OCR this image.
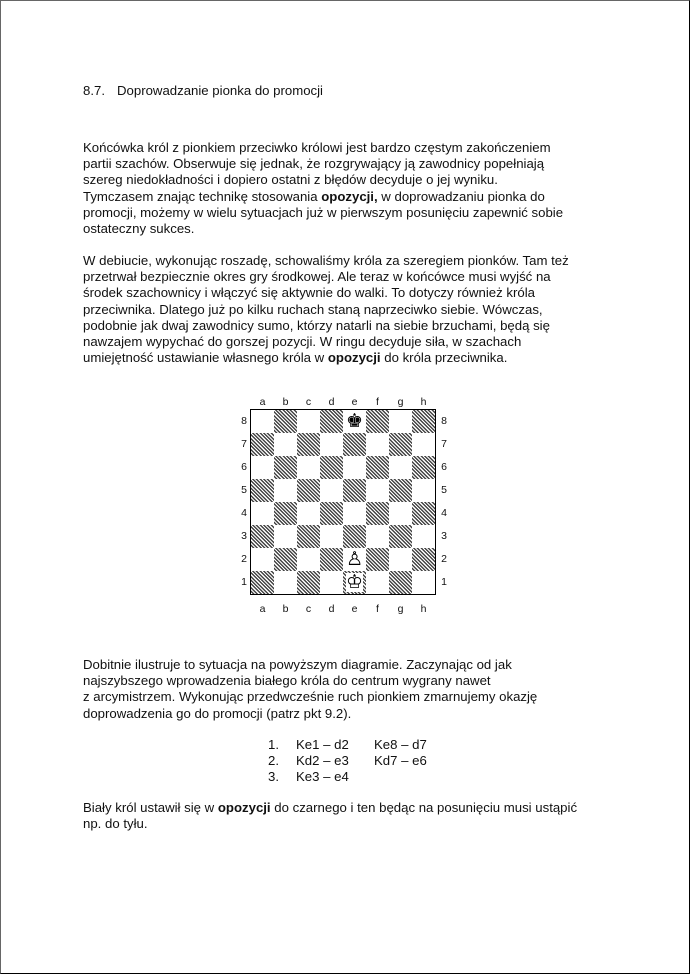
8.7. Doprowadzanie pionka do promocji
Końcówka król z pionkiem przeciwko królowi jest bardzo częstym zakończeniem
partii szachów. Obserwuje się jednak, że rozgrywający ją zawodnicy popełniają
szereg niedokładności i dopiero ostatni z błędów decyduje o jej wyniku.
Tymczasem znając technikę stosowania opozycji, w doprowadzaniu pionka do
promocji, możemy w wielu sytuacjach już w pierwszym posunięciu zapewnić sobie
ostateczny sukces.
W debiucie, wykonując roszadę, schowaliśmy króla za szeregiem pionków. Tam też
przetrwał bezpiecznie okres gry środkowej. Ale teraz w końcówce musi wyjść na
środek szachownicy i włączyć się aktywnie do walki. To dotyczy również króla
przeciwnika. Dlatego już po kilku ruchach staną naprzeciwko siebie. Wówczas,
podobnie jak dwaj zawodnicy sumo, którzy natarli na siebie brzuchami, będą się
nawzajem wypychać do gorszej pozycji. W ringu decyduje siła, w szachach
umiejętność ustawianie własnego króla w opozycji do króla przeciwnika.
a	b	c	d	e	f	g	h
8
7
6
5
4
3
2
1
♚
♙
♔
8
7
6
5
4
3
2
1
a	b	c	d	e	f	g	h
Dobitnie ilustruje to sytuacja na powyższym diagramie. Zaczynając od jak
najszybszego wprowadzenia białego króla do centrum wygrany nawet
z arcymistrzem. Wykonując przedwcześnie ruch pionkiem zmarnujemy okazję
doprowadzenia go do promocji (patrz pkt 9.2).
1. Ke1 – d2 Ke8 – d7
2. Kd2 – e3 Kd7 – e6
3. Ke3 – e4
Biały król ustawił się w opozycji do czarnego i ten będąc na posunięciu musi ustąpić
np. do tyłu.
